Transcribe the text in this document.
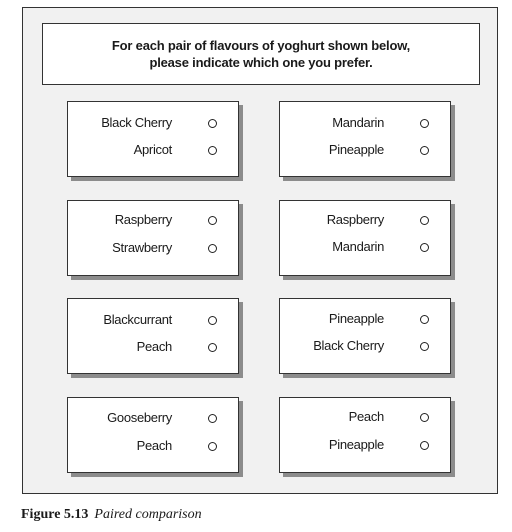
For each pair of flavours of yoghurt shown below,
please indicate which one you prefer.
Black Cherry
Apricot
Mandarin
Pineapple
Raspberry
Strawberry
Raspberry
Mandarin
Blackcurrant
Peach
Pineapple
Black Cherry
Gooseberry
Peach
Peach
Pineapple
Figure 5.13 Paired comparison
